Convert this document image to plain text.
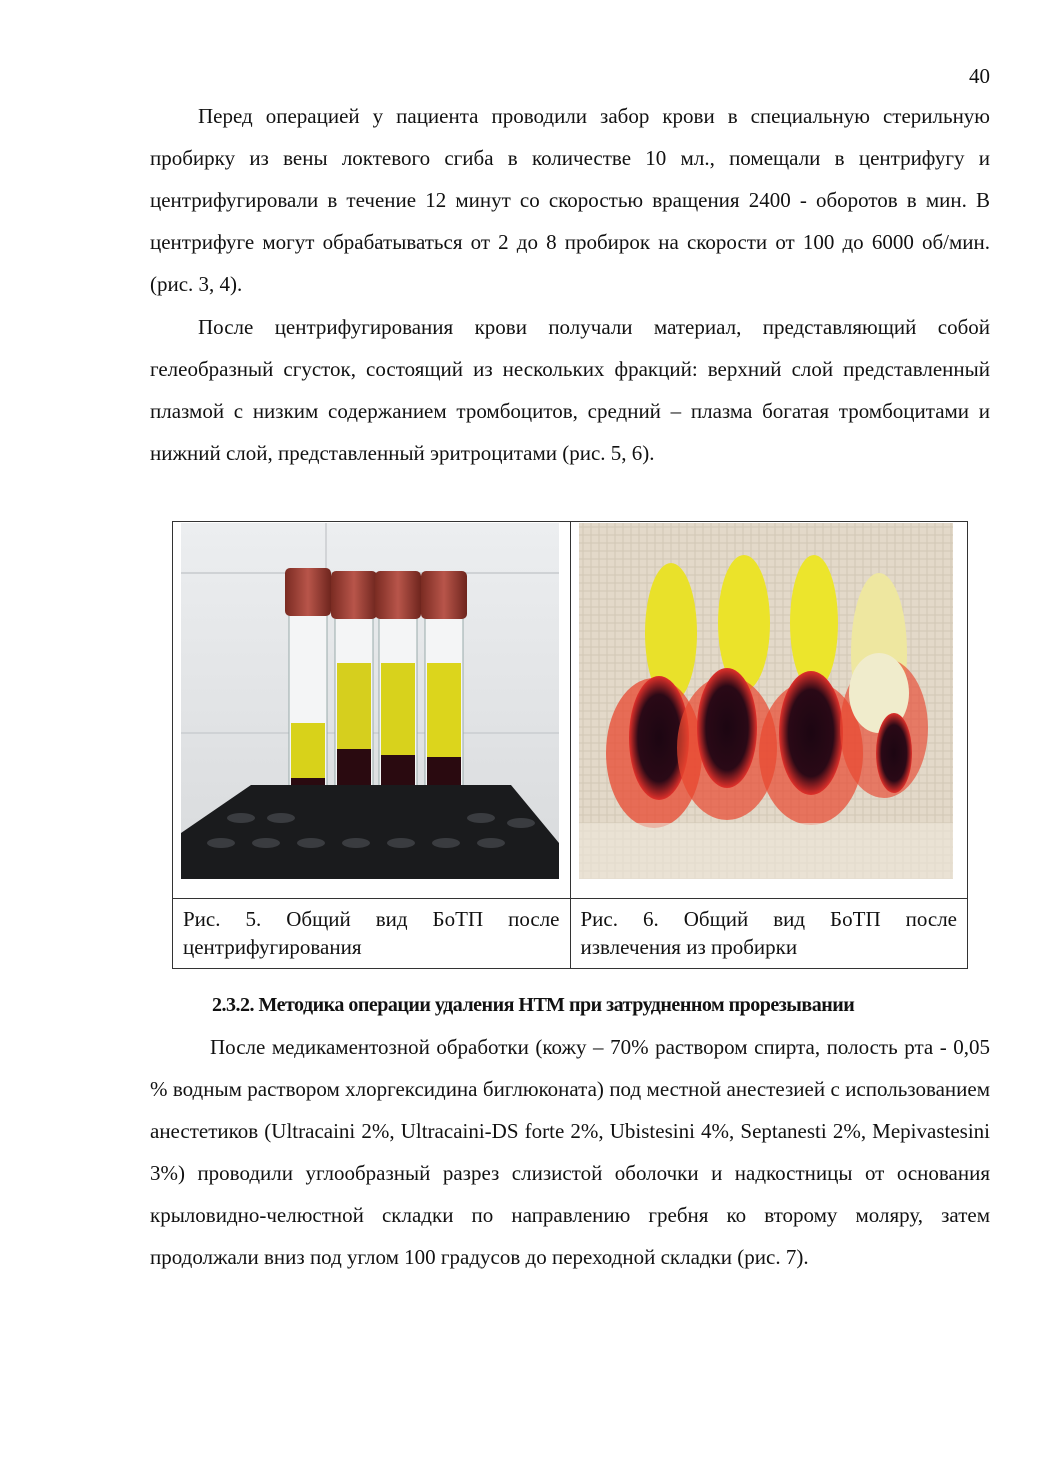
40

Перед операцией у пациента проводили забор крови в специальную стерильную пробирку из вены локтевого сгиба в количестве 10 мл., помещали в центрифугу и центрифугировали в течение 12 минут со скоростью вращения 2400 - оборотов в мин. В центрифуге могут обрабатываться от 2 до 8 пробирок на скорости от 100 до 6000 об/мин. (рис. 3, 4).

После центрифугирования крови получали материал, представляющий собой гелеобразный сгусток, состоящий из нескольких фракций: верхний слой представленный плазмой с низким содержанием тромбоцитов, средний – плазма богатая тромбоцитами и нижний слой, представленный эритроцитами (рис. 5, 6).

Рис. 5. Общий вид БоТП после центрифугирования	Рис. 6. Общий вид БоТП после извлечения из пробирки
2.3.2. Методика операции удаления НТМ при затрудненном прорезывании

После медикаментозной обработки (кожу – 70% раствором спирта, полость рта - 0,05 % водным раствором хлоргексидина биглюконата) под местной анестезией с использованием анестетиков (Ultracaini 2%, Ultracaini-DS forte 2%, Ubistesini 4%, Septanesti 2%, Mepivastesini 3%) проводили углообразный разрез слизистой оболочки и надкостницы от основания крыловидно-челюстной складки по направлению гребня ко второму моляру, затем продолжали вниз под углом 100 градусов до переходной складки (рис. 7).
